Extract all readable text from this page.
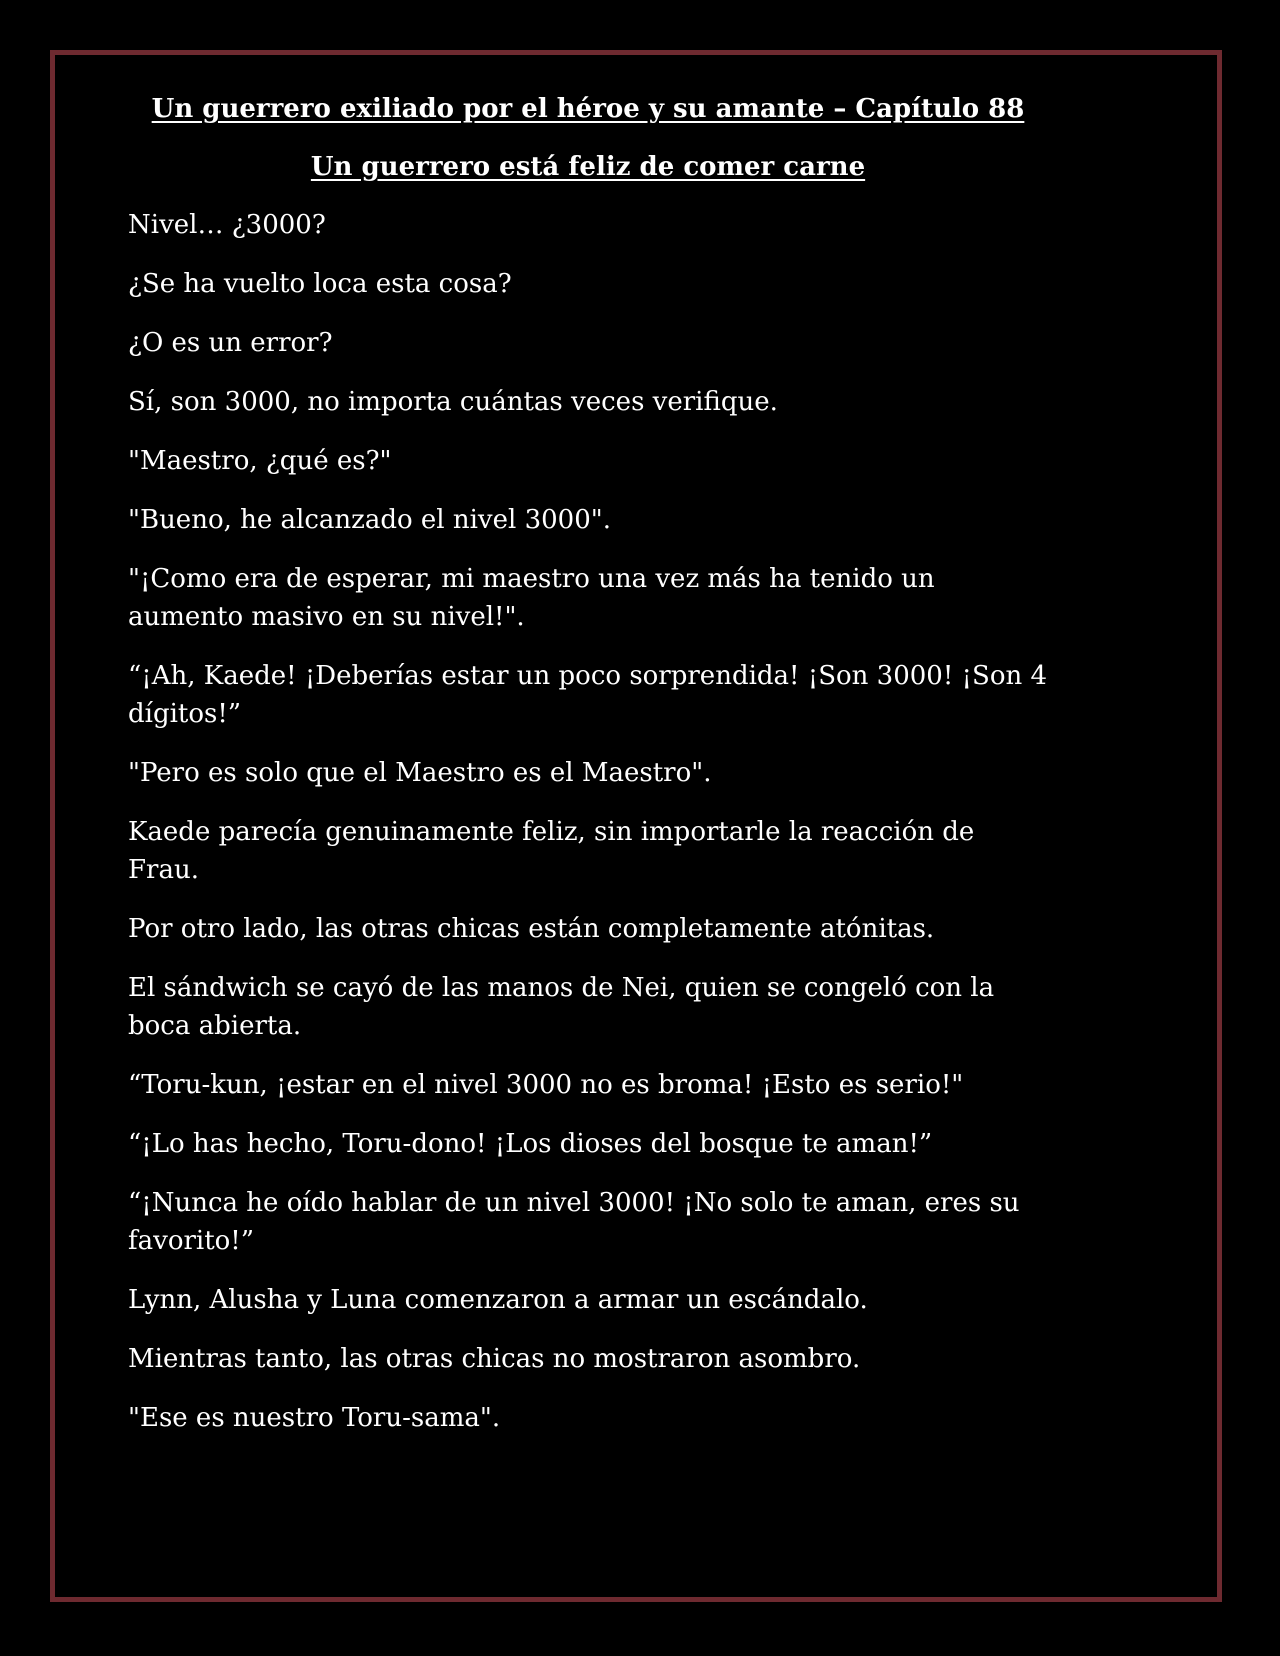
Un guerrero exiliado por el héroe y su amante – Capítulo 88
Un guerrero está feliz de comer carne
Nivel… ¿3000?
¿Se ha vuelto loca esta cosa?
¿O es un error?
Sí, son 3000, no importa cuántas veces verifique.
"Maestro, ¿qué es?"
"Bueno, he alcanzado el nivel 3000".
"¡Como era de esperar, mi maestro una vez más ha tenido un aumento masivo en su nivel!".
“¡Ah, Kaede! ¡Deberías estar un poco sorprendida! ¡Son 3000! ¡Son 4 dígitos!”
"Pero es solo que el Maestro es el Maestro".
Kaede parecía genuinamente feliz, sin importarle la reacción de Frau.
Por otro lado, las otras chicas están completamente atónitas.
El sándwich se cayó de las manos de Nei, quien se congeló con la boca abierta.
“Toru-kun, ¡estar en el nivel 3000 no es broma! ¡Esto es serio!"
“¡Lo has hecho, Toru-dono! ¡Los dioses del bosque te aman!”
“¡Nunca he oído hablar de un nivel 3000! ¡No solo te aman, eres su favorito!”
Lynn, Alusha y Luna comenzaron a armar un escándalo.
Mientras tanto, las otras chicas no mostraron asombro.
"Ese es nuestro Toru-sama".
